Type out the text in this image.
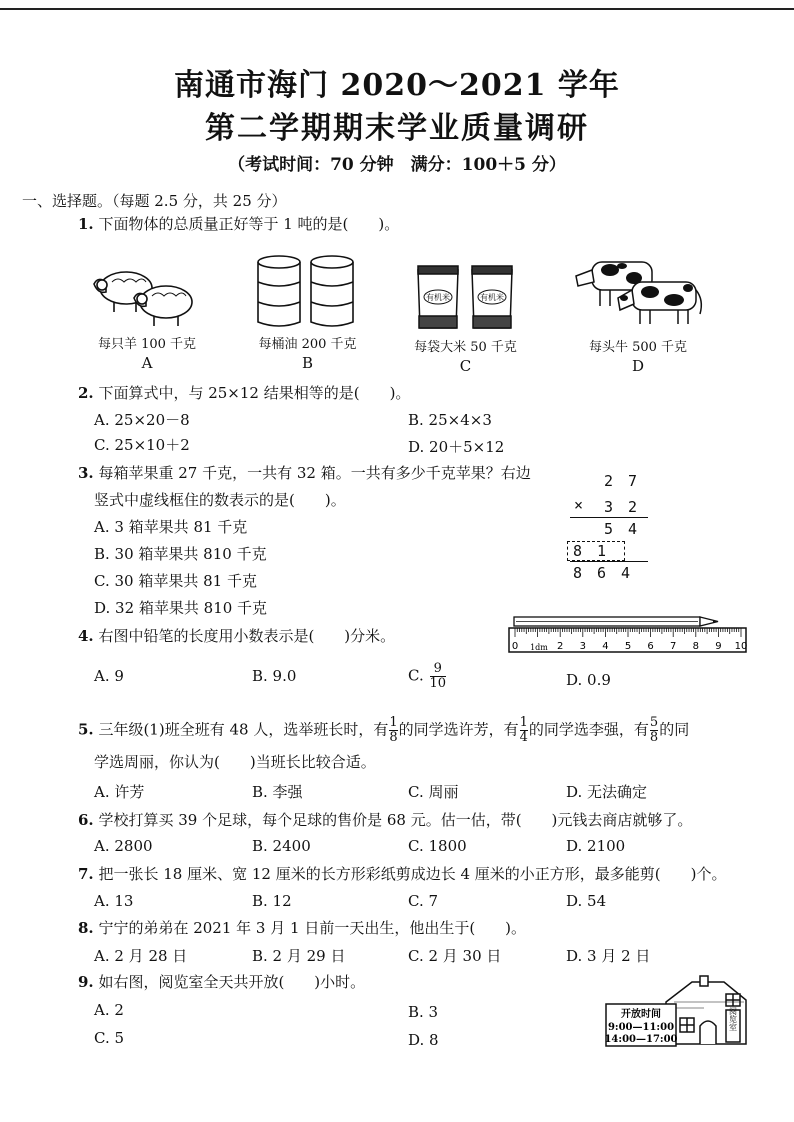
南通市海门 2020～2021 学年
第二学期期末学业质量调研
（考试时间：70 分钟　满分：100＋5 分）
一、选择题。（每题 2.5 分，共 25 分）
1. 下面物体的总质量正好等于 1 吨的是(　　)。
每只羊 100 千克
A
每桶油 200 千克
B
有机米	有机米
每袋大米 50 千克
C
每头牛 500 千克
D
2. 下面算式中，与 25×12 结果相等的是(　　)。
A. 25×20－8	B. 25×4×3
C. 25×10＋2	D. 20＋5×12
3. 每箱苹果重 27 千克，一共有 32 箱。一共有多少千克苹果？右边
竖式中虚线框住的数表示的是(　　)。
A. 3 箱苹果共 81 千克
B. 30 箱苹果共 810 千克
C. 30 箱苹果共 81 千克
D. 32 箱苹果共 810 千克
2　7
× 3　2
5　4
8　1
8　6　4
4. 右图中铅笔的长度用小数表示是(　　)分米。
0	2 3 4 5 6 7 8 9 10
1dm
A. 9	B. 9.0	C. $\frac{9}{10}$	D. 0.9
5. 三年级(1)班全班有 48 人，选举班长时，有 $\frac{1}{8}$ 的同学选许芳，有 $\frac{1}{4}$ 的同学选李强，有 $\frac{5}{8}$ 的同
学选周丽，你认为(　　)当班长比较合适。
A. 许芳	B. 李强	C. 周丽	D. 无法确定
6. 学校打算买 39 个足球，每个足球的售价是 68 元。估一估，带(　　)元钱去商店就够了。
A. 2800	B. 2400	C. 1800	D. 2100
7. 把一张长 18 厘米、宽 12 厘米的长方形彩纸剪成边长 4 厘米的小正方形，最多能剪(　　)个。
A. 13	B. 12	C. 7	D. 54
8. 宁宁的弟弟在 2021 年 3 月 1 日前一天出生，他出生于(　　)。
A. 2 月 28 日	B. 2 月 29 日	C. 2 月 30 日	D. 3 月 2 日
9. 如右图，阅览室全天共开放(　　)小时。
A. 2	B. 3
C. 5	D. 8
开放时间
9:00—11:00
14:00—17:00
阅览室
